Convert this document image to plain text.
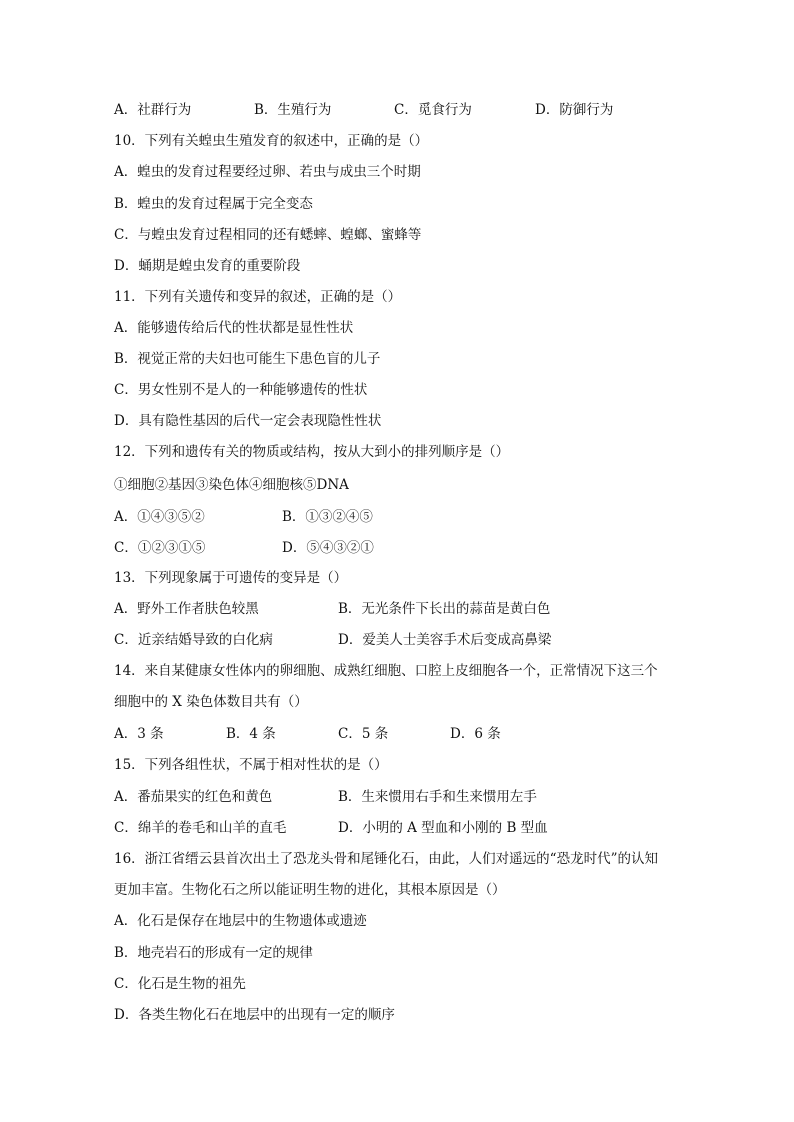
A．社群行为	B．生殖行为	C．觅食行为	D．防御行为
10．下列有关蝗虫生殖发育的叙述中，正确的是（）
A．蝗虫的发育过程要经过卵、若虫与成虫三个时期
B．蝗虫的发育过程属于完全变态
C．与蝗虫发育过程相同的还有蟋蟀、蝗螂、蜜蜂等
D．蛹期是蝗虫发育的重要阶段
11．下列有关遗传和变异的叙述，正确的是（）
A．能够遗传给后代的性状都是显性性状
B．视觉正常的夫妇也可能生下患色盲的儿子
C．男女性别不是人的一种能够遗传的性状
D．具有隐性基因的后代一定会表现隐性性状
12．下列和遗传有关的物质或结构，按从大到小的排列顺序是（）
①细胞②基因③染色体④细胞核⑤DNA
A．①④③⑤②	B．①③②④⑤
C．①②③①⑤	D．⑤④③②①
13．下列现象属于可遗传的变异是（）
A．野外工作者肤色较黑	B．无光条件下长出的蒜苗是黄白色
C．近亲结婚导致的白化病	D．爱美人士美容手术后变成高鼻梁
14．来自某健康女性体内的卵细胞、成熟红细胞、口腔上皮细胞各一个，正常情况下这三个
细胞中的 X 染色体数目共有（）
A．3 条	B．4 条	C．5 条	D．6 条
15．下列各组性状，不属于相对性状的是（）
A．番茄果实的红色和黄色	B．生来惯用右手和生来惯用左手
C．绵羊的卷毛和山羊的直毛	D．小明的 A 型血和小刚的 B 型血
16．浙江省缙云县首次出土了恐龙头骨和尾锤化石，由此，人们对遥远的“恐龙时代”的认知
更加丰富。生物化石之所以能证明生物的进化，其根本原因是（）
A．化石是保存在地层中的生物遗体或遗迹
B．地壳岩石的形成有一定的规律
C．化石是生物的祖先
D．各类生物化石在地层中的出现有一定的顺序
